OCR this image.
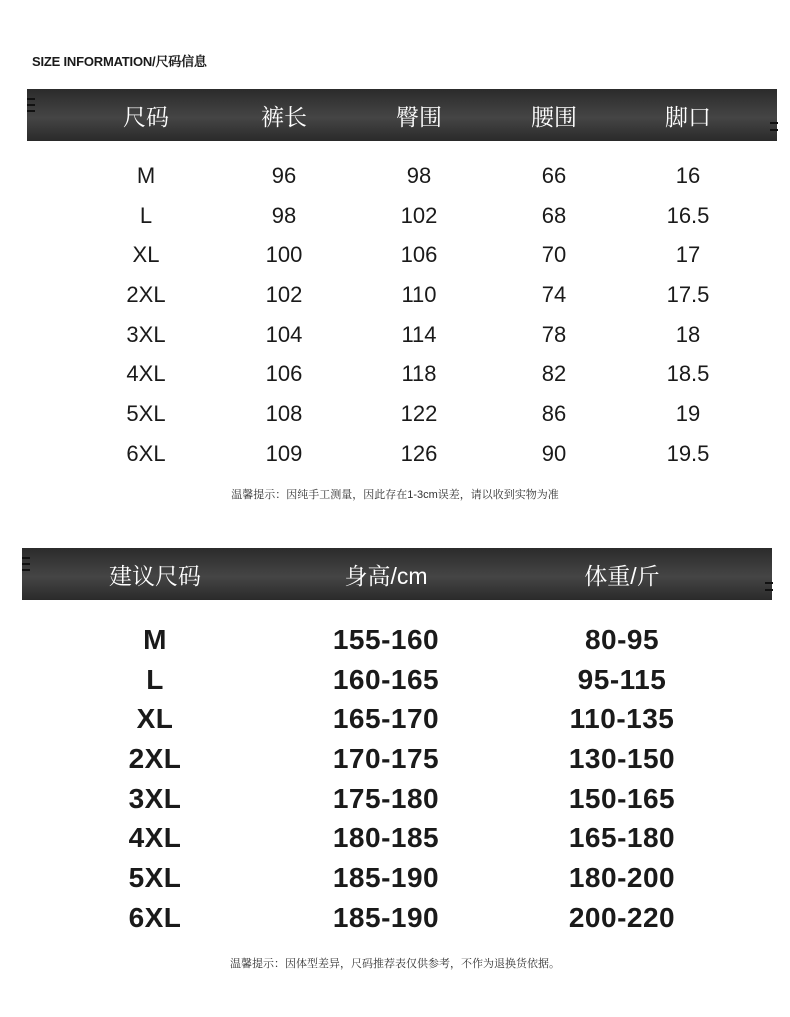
SIZE INFORMATION/尺码信息
尺码	裤长	臀围	腰围	脚口
M	96	98	66	16
L	98	102	68	16.5
XL	100	106	70	17
2XL	102	110	74	17.5
3XL	104	114	78	18
4XL	106	118	82	18.5
5XL	108	122	86	19
6XL	109	126	90	19.5
温馨提示：因纯手工测量，因此存在1-3cm误差，请以收到实物为准
建议尺码	身高/cm	体重/斤
M	155-160	80-95
L	160-165	95-115
XL	165-170	110-135
2XL	170-175	130-150
3XL	175-180	150-165
4XL	180-185	165-180
5XL	185-190	180-200
6XL	185-190	200-220
温馨提示：因体型差异，尺码推荐表仅供参考，不作为退换货依据。
